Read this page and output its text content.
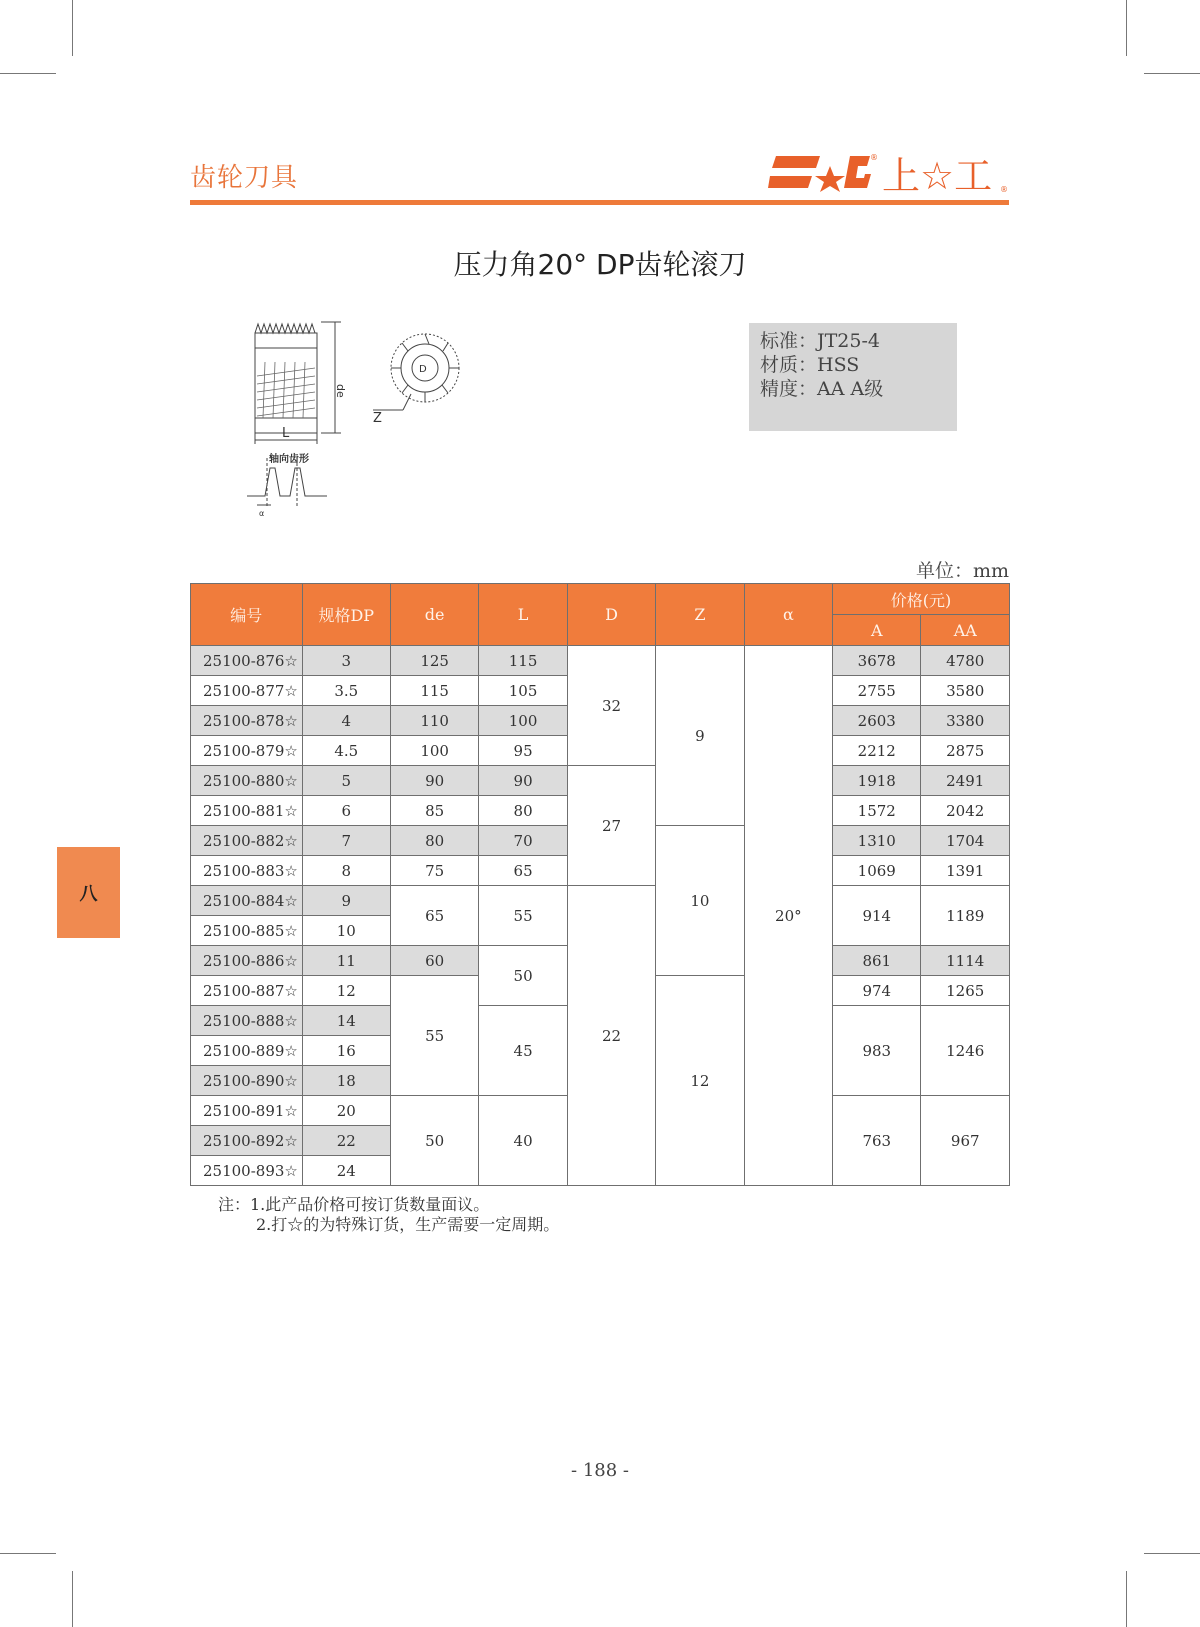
齿轮刀具
® 上☆工 ®
压力角20° DP齿轮滚刀
L
de
D
Z
轴向齿形
α
标准：JT25-4
材质：HSS
精度：AA A级
单位：mm
编号	规格DP	de	L	D	Z	α	价格(元)	
							A	AA
25100-876☆	3	125	115	32	9	20°	3678	4780
25100-877☆	3.5	115	105				2755	3580
25100-878☆	4	110	100				2603	3380
25100-879☆	4.5	100	95				2212	2875
25100-880☆	5	90	90	27			1918	2491
25100-881☆	6	85	80				1572	2042
25100-882☆	7	80	70		10		1310	1704
25100-883☆	8	75	65				1069	1391
25100-884☆	9	65	55	22			914	1189
25100-885☆	10							
25100-886☆	11	60	50				861	1114
25100-887☆	12	55			12		974	1265
25100-888☆	14		45				983	1246
25100-889☆	16							
25100-890☆	18							
25100-891☆	20	50	40				763	967
25100-892☆	22							
25100-893☆	24							
注：1.此产品价格可按订货数量面议。
2.打☆的为特殊订货，生产需要一定周期。
八
- 188 -
